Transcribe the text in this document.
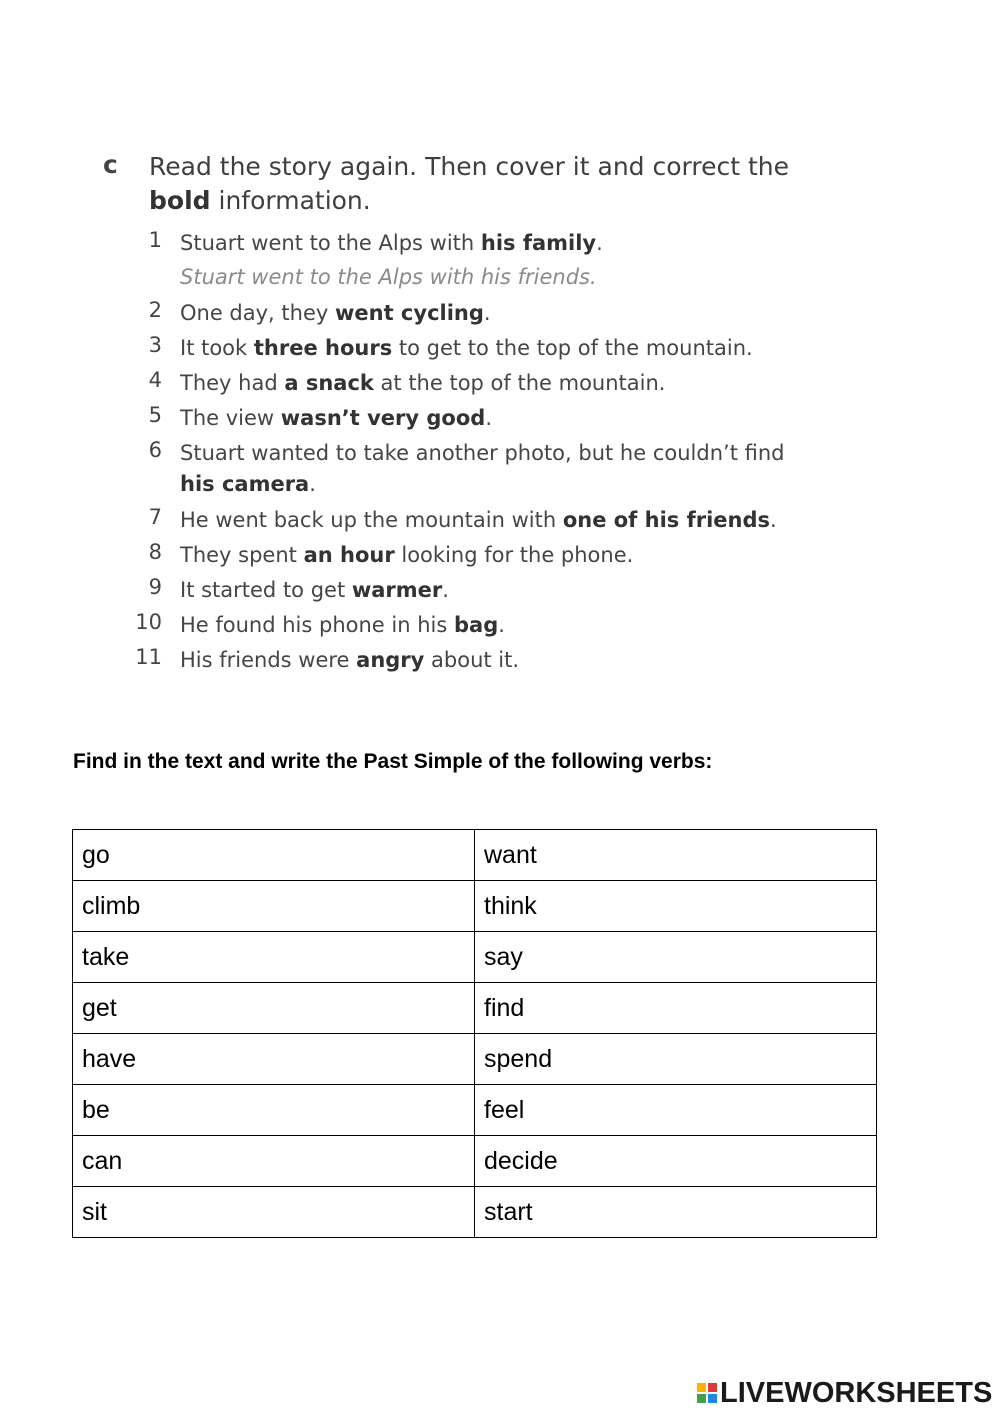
c Read the story again. Then cover it and correct the bold information.
1 Stuart went to the Alps with his family.
2 One day, they went cycling.
3 It took three hours to get to the top of the mountain.
4 They had a snack at the top of the mountain.
5 The view wasn’t very good.
6 Stuart wanted to take another photo, but he couldn’t find his camera.
7 He went back up the mountain with one of his friends.
8 They spent an hour looking for the phone.
9 It started to get warmer.
10 He found his phone in his bag.
11 His friends were angry about it.
Stuart went to the Alps with his friends.
Find in the text and write the Past Simple of the following verbs:
go	want
climb	think
take	say
get	find
have	spend
be	feel
can	decide
sit	start
LIVEWORKSHEETS
